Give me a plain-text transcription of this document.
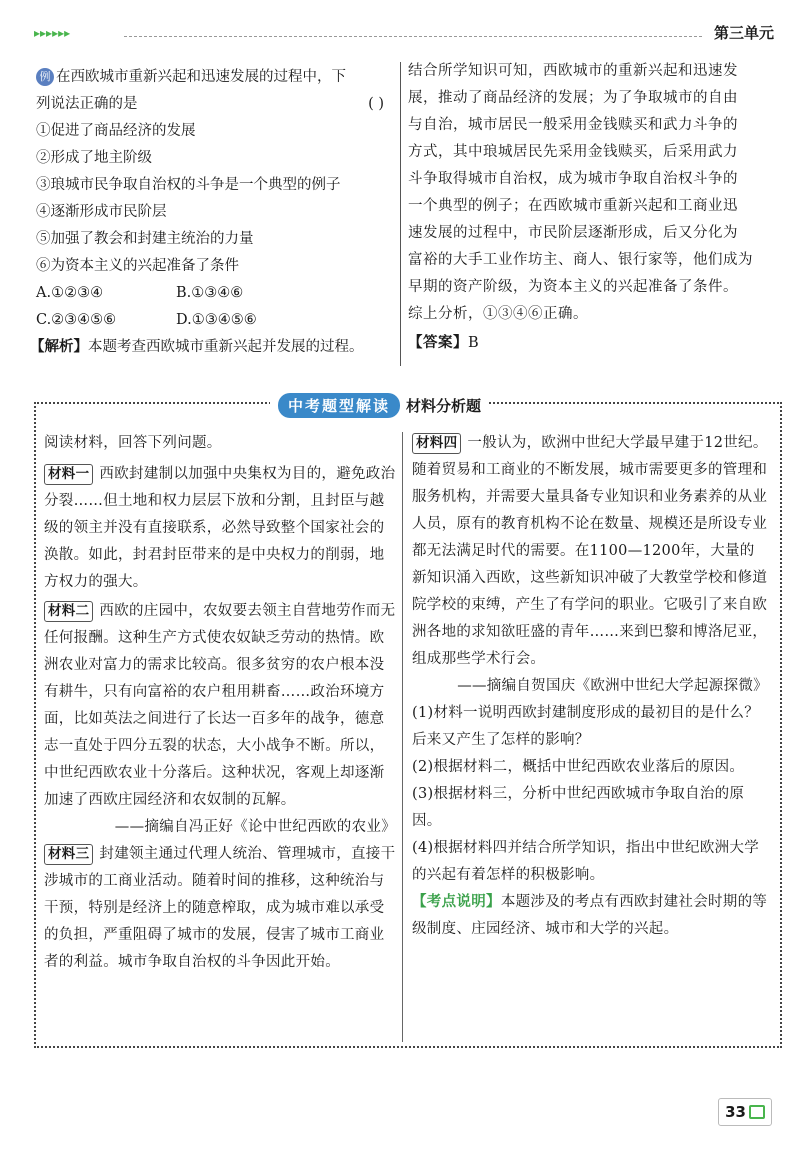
▸▸▸▸▸▸	第三单元

例 在西欧城市重新兴起和迅速发展的过程中，下

列说法正确的是	( )

①促进了商品经济的发展

②形成了地主阶级

③琅城市民争取自治权的斗争是一个典型的例子

④逐渐形成市民阶层

⑤加强了教会和封建主统治的力量

⑥为资本主义的兴起准备了条件

A.①②③④	B.①③④⑥

C.②③④⑤⑥	D.①③④⑤⑥

【解析】本题考查西欧城市重新兴起并发展的过程。

结合所学知识可知，西欧城市的重新兴起和迅速发

展，推动了商品经济的发展；为了争取城市的自由

与自治，城市居民一般采用金钱赎买和武力斗争的

方式，其中琅城居民先采用金钱赎买，后采用武力

斗争取得城市自治权，成为城市争取自治权斗争的

一个典型的例子；在西欧城市重新兴起和工商业迅

速发展的过程中，市民阶层逐渐形成，后又分化为

富裕的大手工业作坊主、商人、银行家等，他们成为

早期的资产阶级，为资本主义的兴起准备了条件。

综上分析，①③④⑥正确。

【答案】B

中考题型解读	材料分析题

阅读材料，回答下列问题。

材料一 西欧封建制以加强中央集权为目的，避免政治分裂……但土地和权力层层下放和分割，且封臣与越级的领主并没有直接联系，必然导致整个国家社会的涣散。如此，封君封臣带来的是中央权力的削弱，地方权力的强大。

材料二 西欧的庄园中，农奴要去领主自营地劳作而无任何报酬。这种生产方式使农奴缺乏劳动的热情。欧洲农业对富力的需求比较高。很多贫穷的农户根本没有耕牛，只有向富裕的农户租用耕畜……政治环境方面，比如英法之间进行了长达一百多年的战争，德意志一直处于四分五裂的状态，大小战争不断。所以，中世纪西欧农业十分落后。这种状况，客观上却逐渐加速了西欧庄园经济和农奴制的瓦解。

——摘编自冯正好《论中世纪西欧的农业》

材料三 封建领主通过代理人统治、管理城市，直接干涉城市的工商业活动。随着时间的推移，这种统治与干预，特别是经济上的随意榨取，成为城市难以承受的负担，严重阻碍了城市的发展，侵害了城市工商业者的利益。城市争取自治权的斗争因此开始。

材料四 一般认为，欧洲中世纪大学最早建于12世纪。随着贸易和工商业的不断发展，城市需要更多的管理和服务机构，并需要大量具备专业知识和业务素养的从业人员，原有的教育机构不论在数量、规模还是所设专业都无法满足时代的需要。在1100—1200年，大量的新知识涌入西欧，这些新知识冲破了大教堂学校和修道院学校的束缚，产生了有学问的职业。它吸引了来自欧洲各地的求知欲旺盛的青年……来到巴黎和博洛尼亚，组成那些学术行会。

——摘编自贺国庆《欧洲中世纪大学起源探微》

(1)材料一说明西欧封建制度形成的最初目的是什么？后来又产生了怎样的影响？

(2)根据材料二，概括中世纪西欧农业落后的原因。

(3)根据材料三，分析中世纪西欧城市争取自治的原因。

(4)根据材料四并结合所学知识，指出中世纪欧洲大学的兴起有着怎样的积极影响。

【考点说明】本题涉及的考点有西欧封建社会时期的等级制度、庄园经济、城市和大学的兴起。

33
